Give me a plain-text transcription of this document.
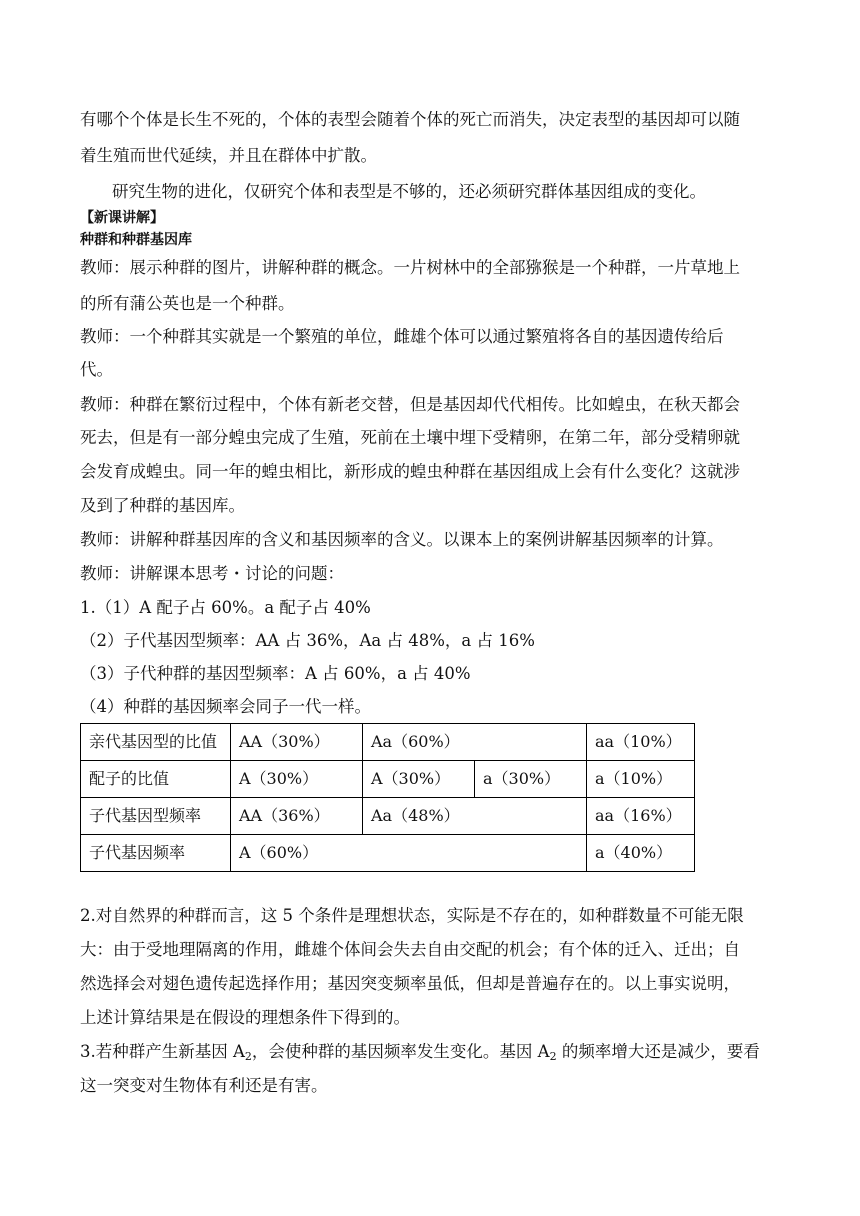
有哪个个体是长生不死的，个体的表型会随着个体的死亡而消失，决定表型的基因却可以随
着生殖而世代延续，并且在群体中扩散。
研究生物的进化，仅研究个体和表型是不够的，还必须研究群体基因组成的变化。
【新课讲解】
种群和种群基因库
教师：展示种群的图片，讲解种群的概念。一片树林中的全部猕猴是一个种群，一片草地上
的所有蒲公英也是一个种群。
教师：一个种群其实就是一个繁殖的单位，雌雄个体可以通过繁殖将各自的基因遗传给后
代。
教师：种群在繁衍过程中，个体有新老交替，但是基因却代代相传。比如蝗虫，在秋天都会
死去，但是有一部分蝗虫完成了生殖，死前在土壤中埋下受精卵，在第二年，部分受精卵就
会发育成蝗虫。同一年的蝗虫相比，新形成的蝗虫种群在基因组成上会有什么变化？这就涉
及到了种群的基因库。
教师：讲解种群基因库的含义和基因频率的含义。以课本上的案例讲解基因频率的计算。
教师：讲解课本思考・讨论的问题：
1.（1）A 配子占 60%。a 配子占 40%
（2）子代基因型频率：AA 占 36%，Aa 占 48%，a 占 16%
（3）子代种群的基因型频率：A 占 60%，a 占 40%
（4）种群的基因频率会同子一代一样。
亲代基因型的比值	AA（30%）	Aa（60%）		aa（10%）
配子的比值	A（30%）	A（30%）	a（30%）	a（10%）
子代基因型频率	AA（36%）	Aa（48%）		aa（16%）
子代基因频率	A（60%）			a（40%）
2.对自然界的种群而言，这 5 个条件是理想状态，实际是不存在的，如种群数量不可能无限
大：由于受地理隔离的作用，雌雄个体间会失去自由交配的机会；有个体的迁入、迁出；自
然选择会对翅色遗传起选择作用；基因突变频率虽低，但却是普遍存在的。以上事实说明，
上述计算结果是在假设的理想条件下得到的。
3.若种群产生新基因 $A_2$，会使种群的基因频率发生变化。基因 $A_2$ 的频率增大还是减少，要看
这一突变对生物体有利还是有害。
